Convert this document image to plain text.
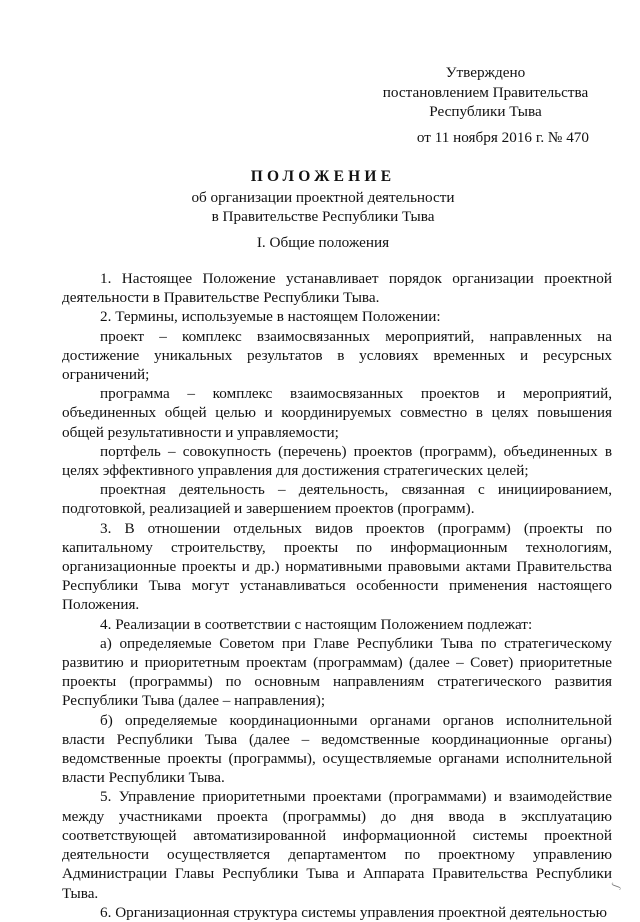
Утверждено
постановлением Правительства
Республики Тыва
от 11 ноября 2016 г. № 470
ПОЛОЖЕНИЕ
об организации проектной деятельности
в Правительстве Республики Тыва
I. Общие положения

1. Настоящее Положение устанавливает порядок организации проектной деятельности в Правительстве Республики Тыва.

2. Термины, используемые в настоящем Положении:

проект – комплекс взаимосвязанных мероприятий, направленных на достижение уникальных результатов в условиях временных и ресурсных ограничений;

программа – комплекс взаимосвязанных проектов и мероприятий, объединенных общей целью и координируемых совместно в целях повышения общей результативности и управляемости;

портфель – совокупность (перечень) проектов (программ), объединенных в целях эффективного управления для достижения стратегических целей;

проектная деятельность – деятельность, связанная с инициированием, подготовкой, реализацией и завершением проектов (программ).

3. В отношении отдельных видов проектов (программ) (проекты по капитальному строительству, проекты по информационным технологиям, организационные проекты и др.) нормативными правовыми актами Правительства Республики Тыва могут устанавливаться особенности применения настоящего Положения.

4. Реализации в соответствии с настоящим Положением подлежат:

а) определяемые Советом при Главе Республики Тыва по стратегическому развитию и приоритетным проектам (программам) (далее – Совет) приоритетные проекты (программы) по основным направлениям стратегического развития Республики Тыва (далее – направления);

б) определяемые координационными органами органов исполнительной власти Республики Тыва (далее – ведомственные координационные органы) ведомственные проекты (программы), осуществляемые органами исполнительной власти Республики Тыва.

5. Управление приоритетными проектами (программами) и взаимодействие между участниками проекта (программы) до дня ввода в эксплуатацию соответствующей автоматизированной информационной системы проектной деятельности осуществляется департаментом по проектному управлению Администрации Главы Республики Тыва и Аппарата Правительства Республики Тыва.

6. Организационная структура системы управления проектной деятельностью

ʃ
